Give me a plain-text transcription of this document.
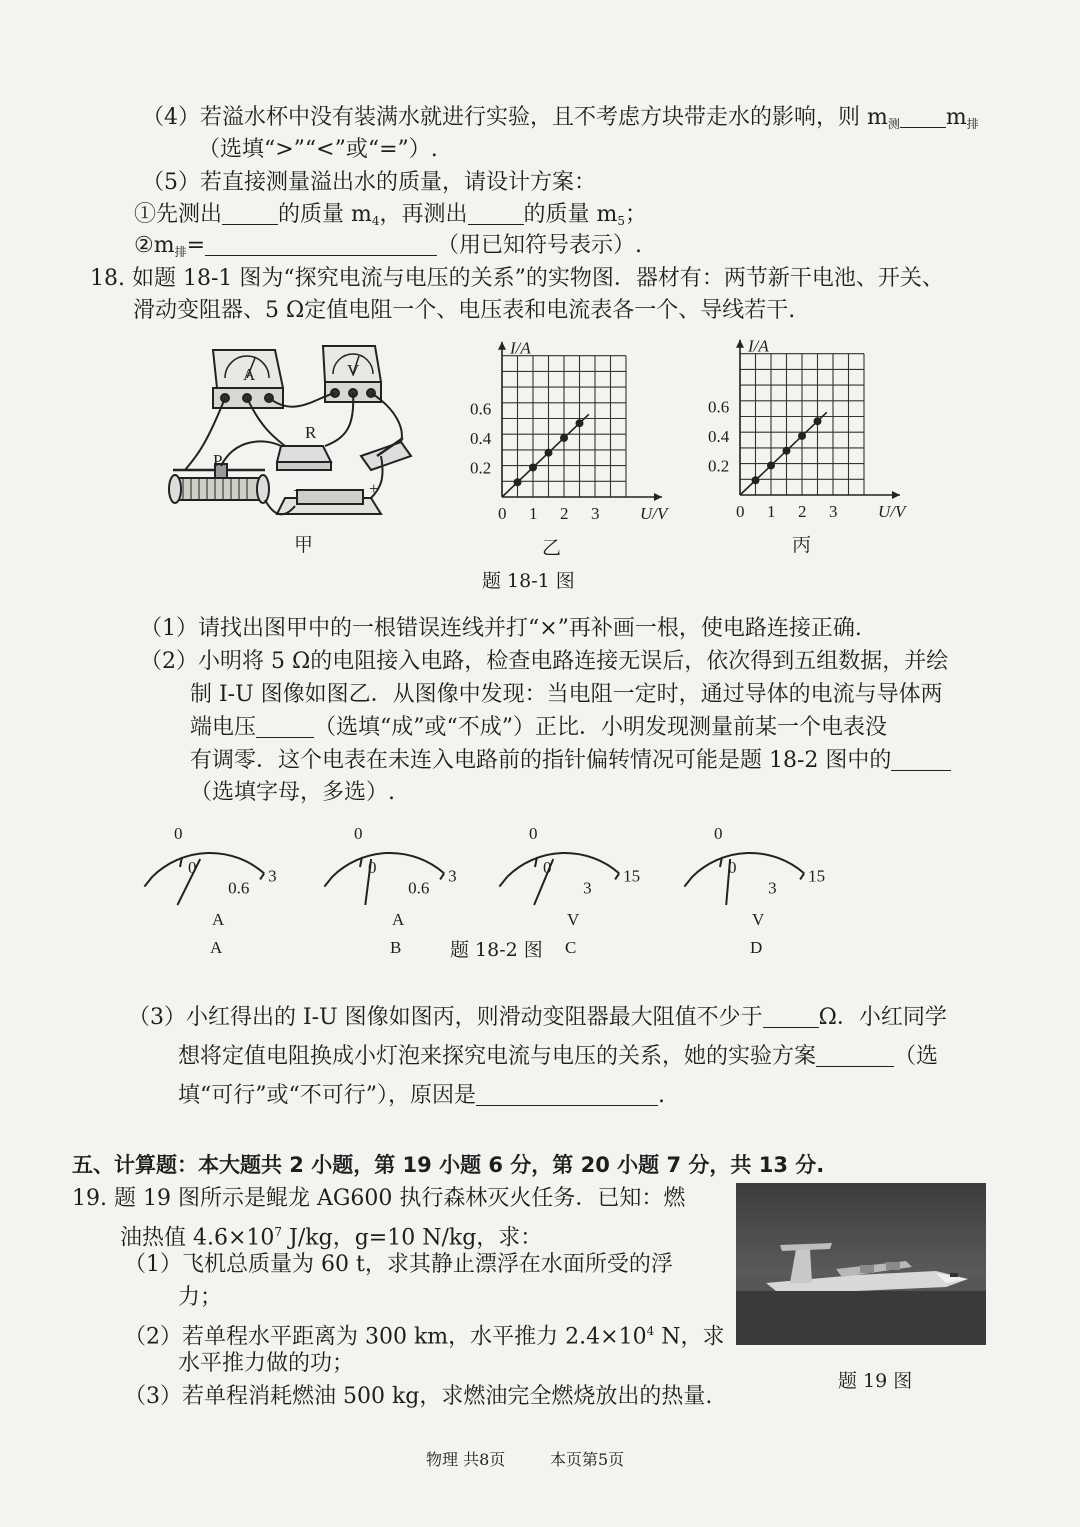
（4）若溢水杯中没有装满水就进行实验，且不考虑方块带走水的影响，则 $m_测$ $m_排$
（选填“>”“<”或“=”）.
（5）若直接测量溢出水的质量，请设计方案：
①先测出	的质量 $m_4$，再测出	的质量 $m_5$；
$②m_排=$	（用已知符号表示）.
18. 如题 18-1 图为“探究电流与电压的关系”的实物图．器材有：两节新干电池、开关、
滑动变阻器、5 Ω定值电阻一个、电压表和电流表各一个、导线若干.
A	V
R
P
−	+
甲
I/A
U/V
0.6
0.4
0.2
0 1 2 3
乙
I/A
U/V
0.6
0.4
0.2
0 1 2 3
丙
题 18-1 图
（1）请找出图甲中的一根错误连线并打“×”再补画一根，使电路连接正确.
（2）小明将 5 Ω的电阻接入电路，检查电路连接无误后，依次得到五组数据，并绘
制 I-U 图像如图乙．从图像中发现：当电阻一定时，通过导体的电流与导体两
端电压	（选填“成”或“不成”）正比．小明发现测量前某一个电表没
有调零．这个电表在未连入电路前的指针偏转情况可能是题 18-2 图中的
（选填字母，多选）.
0
0
0.6
3
A
A
0
0
0.6
3
A
B
0
0
3
15
V
C
0
0
3
15
V
D
题 18-2 图
（3）小红得出的 I-U 图像如图丙，则滑动变阻器最大阻值不少于	Ω．小红同学
想将定值电阻换成小灯泡来探究电流与电压的关系，她的实验方案	（选
填“可行”或“不可行”），原因是	.
五、计算题：本大题共 2 小题，第 19 小题 6 分，第 20 小题 7 分，共 13 分.
19. 题 19 图所示是鲲龙 AG600 执行森林灭火任务．已知：燃
油热值 $4.6\times 10^7$ J/kg，g=10 N/kg，求：
（1）飞机总质量为 60 t，求其静止漂浮在水面所受的浮
力；
（2）若单程水平距离为 300 km，水平推力 $2.4\times 10^4$ N，求
水平推力做的功；
（3）若单程消耗燃油 500 kg，求燃油完全燃烧放出的热量.
题 19 图
物理 共8页	本页第5页
